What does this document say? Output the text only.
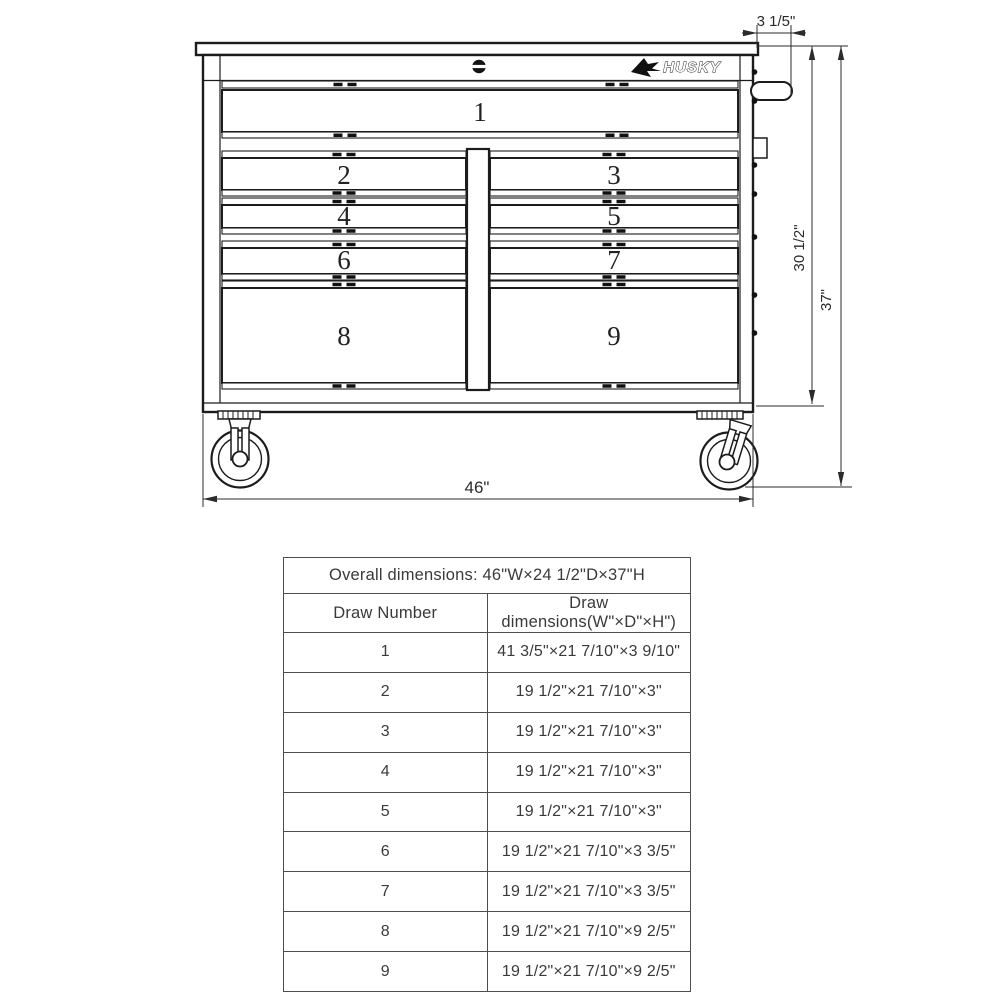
HUSKY
1
2
4
6
8
3
5
7
9
3 1/5"
30 1/2"
37"
46"
Overall dimensions: 46"W×24 1/2"D×37"H	
Draw Number	Draw dimensions(W"×D"×H")
1	41 3/5"×21 7/10"×3 9/10"
2	19 1/2"×21 7/10"×3"
3	19 1/2"×21 7/10"×3"
4	19 1/2"×21 7/10"×3"
5	19 1/2"×21 7/10"×3"
6	19 1/2"×21 7/10"×3 3/5"
7	19 1/2"×21 7/10"×3 3/5"
8	19 1/2"×21 7/10"×9 2/5"
9	19 1/2"×21 7/10"×9 2/5"
